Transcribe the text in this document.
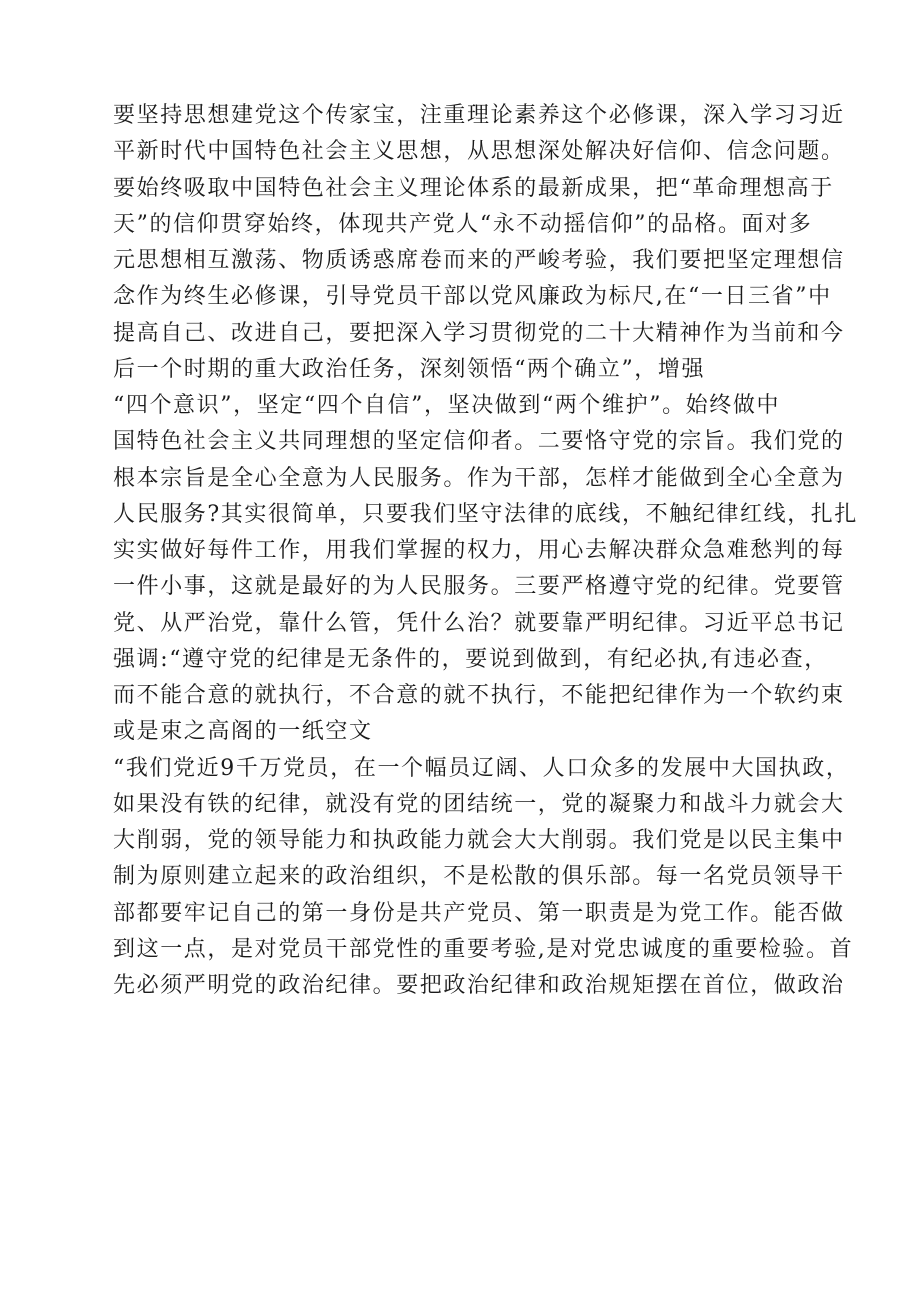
要坚持思想建党这个传家宝，注重理论素养这个必修课，深入学习习近
平新时代中国特色社会主义思想，从思想深处解决好信仰、信念问题。
要始终吸取中国特色社会主义理论体系的最新成果，把“革命理想高于
天”的信仰贯穿始终，体现共产党人“永不动摇信仰”的品格。面对多
元思想相互激荡、物质诱惑席卷而来的严峻考验，我们要把坚定理想信
念作为终生必修课，引导党员干部以党风廉政为标尺,在“一日三省”中
提高自己、改进自己，要把深入学习贯彻党的二十大精神作为当前和今
后一个时期的重大政治任务，深刻领悟“两个确立”，增强
“四个意识”，坚定“四个自信”，坚决做到“两个维护”。始终做中
国特色社会主义共同理想的坚定信仰者。二要恪守党的宗旨。我们党的
根本宗旨是全心全意为人民服务。作为干部，怎样才能做到全心全意为
人民服务?其实很简单，只要我们坚守法律的底线，不触纪律红线，扎扎
实实做好每件工作，用我们掌握的权力，用心去解决群众急难愁判的每
一件小事，这就是最好的为人民服务。三要严格遵守党的纪律。党要管
党、从严治党，靠什么管，凭什么治？就要靠严明纪律。习近平总书记
强调:“遵守党的纪律是无条件的，要说到做到，有纪必执,有违必查，
而不能合意的就执行，不合意的就不执行，不能把纪律作为一个软约束
或是束之高阁的一纸空文
“我们党近9千万党员，在一个幅员辽阔、人口众多的发展中大国执政，
如果没有铁的纪律，就没有党的团结统一，党的凝聚力和战斗力就会大
大削弱，党的领导能力和执政能力就会大大削弱。我们党是以民主集中
制为原则建立起来的政治组织，不是松散的俱乐部。每一名党员领导干
部都要牢记自己的第一身份是共产党员、第一职责是为党工作。能否做
到这一点，是对党员干部党性的重要考验,是对党忠诚度的重要检验。首
先必须严明党的政治纪律。要把政治纪律和政治规矩摆在首位，做政治
